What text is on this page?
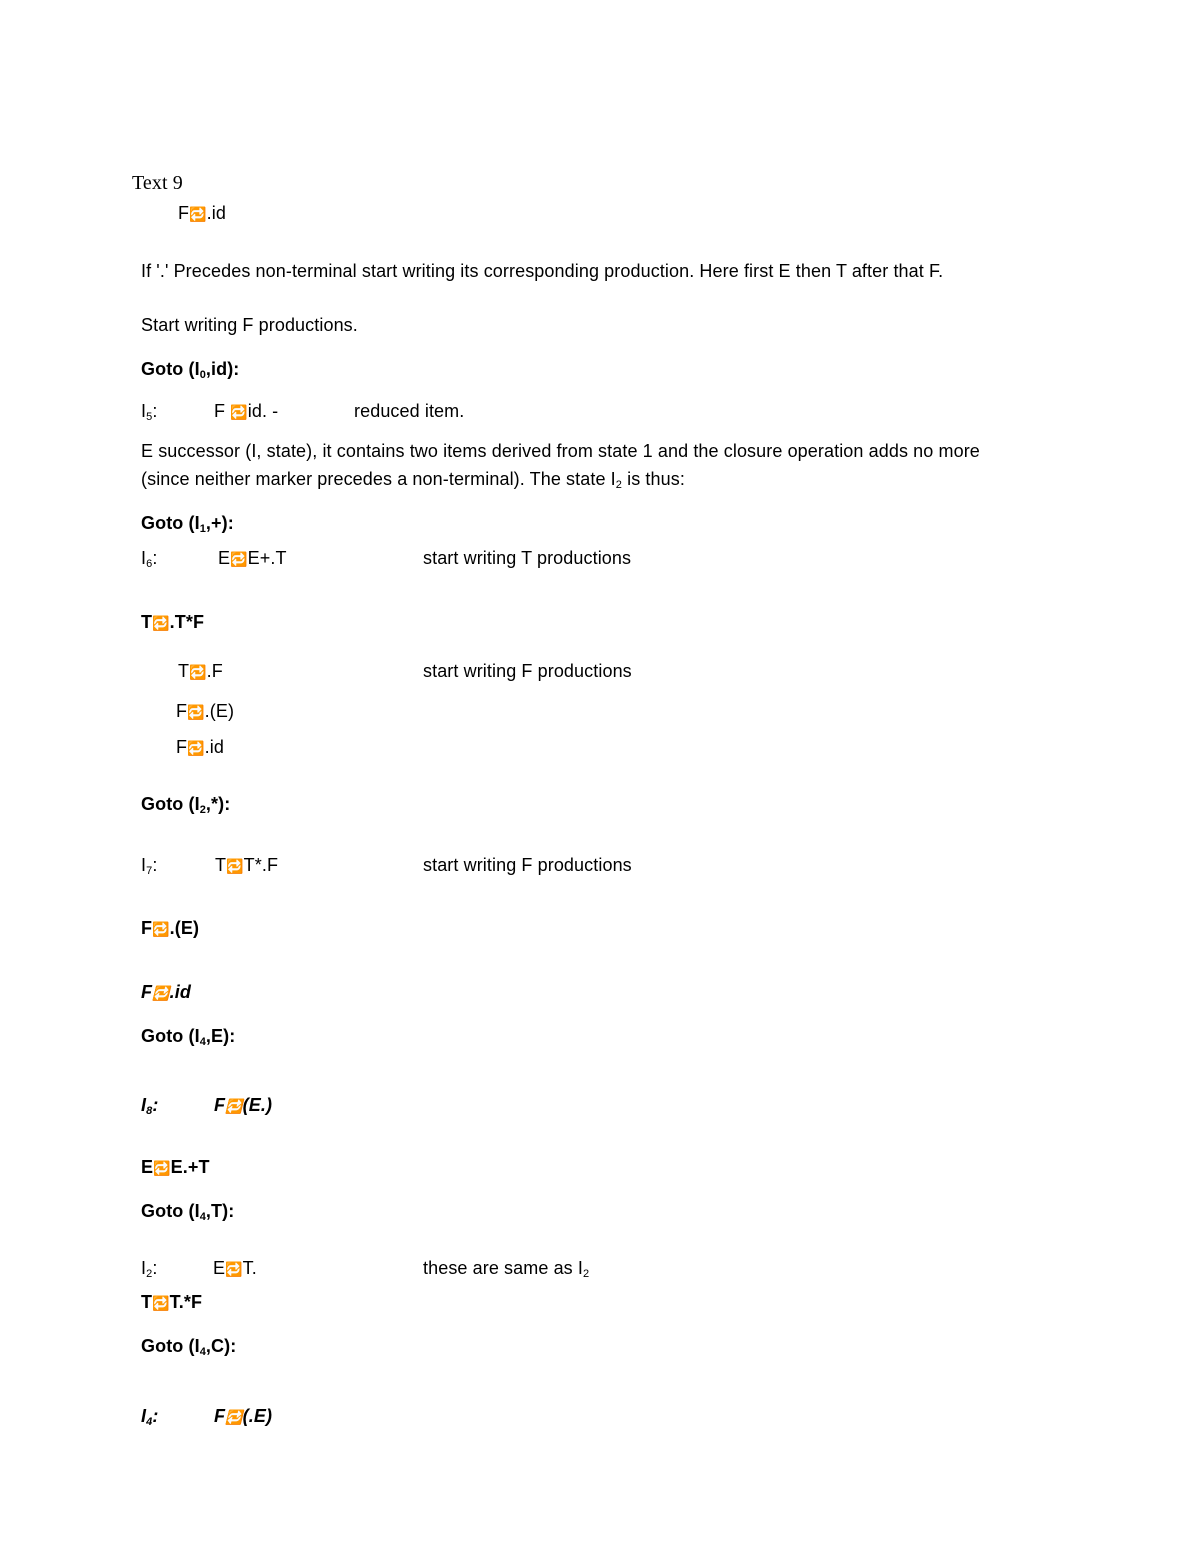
Text 9
F🔁.id
If '.' Precedes non-terminal start writing its corresponding production. Here first E then T after that F.
Start writing F productions.
Goto $(I_0,id)$:
$I_5$:	F 🔁id. -	reduced item.
E successor (I, state), it contains two items derived from state 1 and the closure operation adds no more
(since neither marker precedes a non-terminal). The state $I_2$ is thus:
Goto $(I_1,+)$:
$I_6$:	E🔁E+.T	start writing T productions
T🔁.T*F
T🔁.F	start writing F productions
F🔁.(E)
F🔁.id
Goto $(I_2,*)$:
$I_7$:	T🔁T*.F	start writing F productions
F🔁.(E)
F🔁.id
Goto $(I_4,E)$:
$I_8$:	F🔁(E.)
E🔁E.+T
Goto $(I_4,T)$:
$I_2$:	E🔁T.	these are same as $I_2$
T🔁T.*F
Goto $(I_4,C)$:
$I_4$:	F🔁(.E)
